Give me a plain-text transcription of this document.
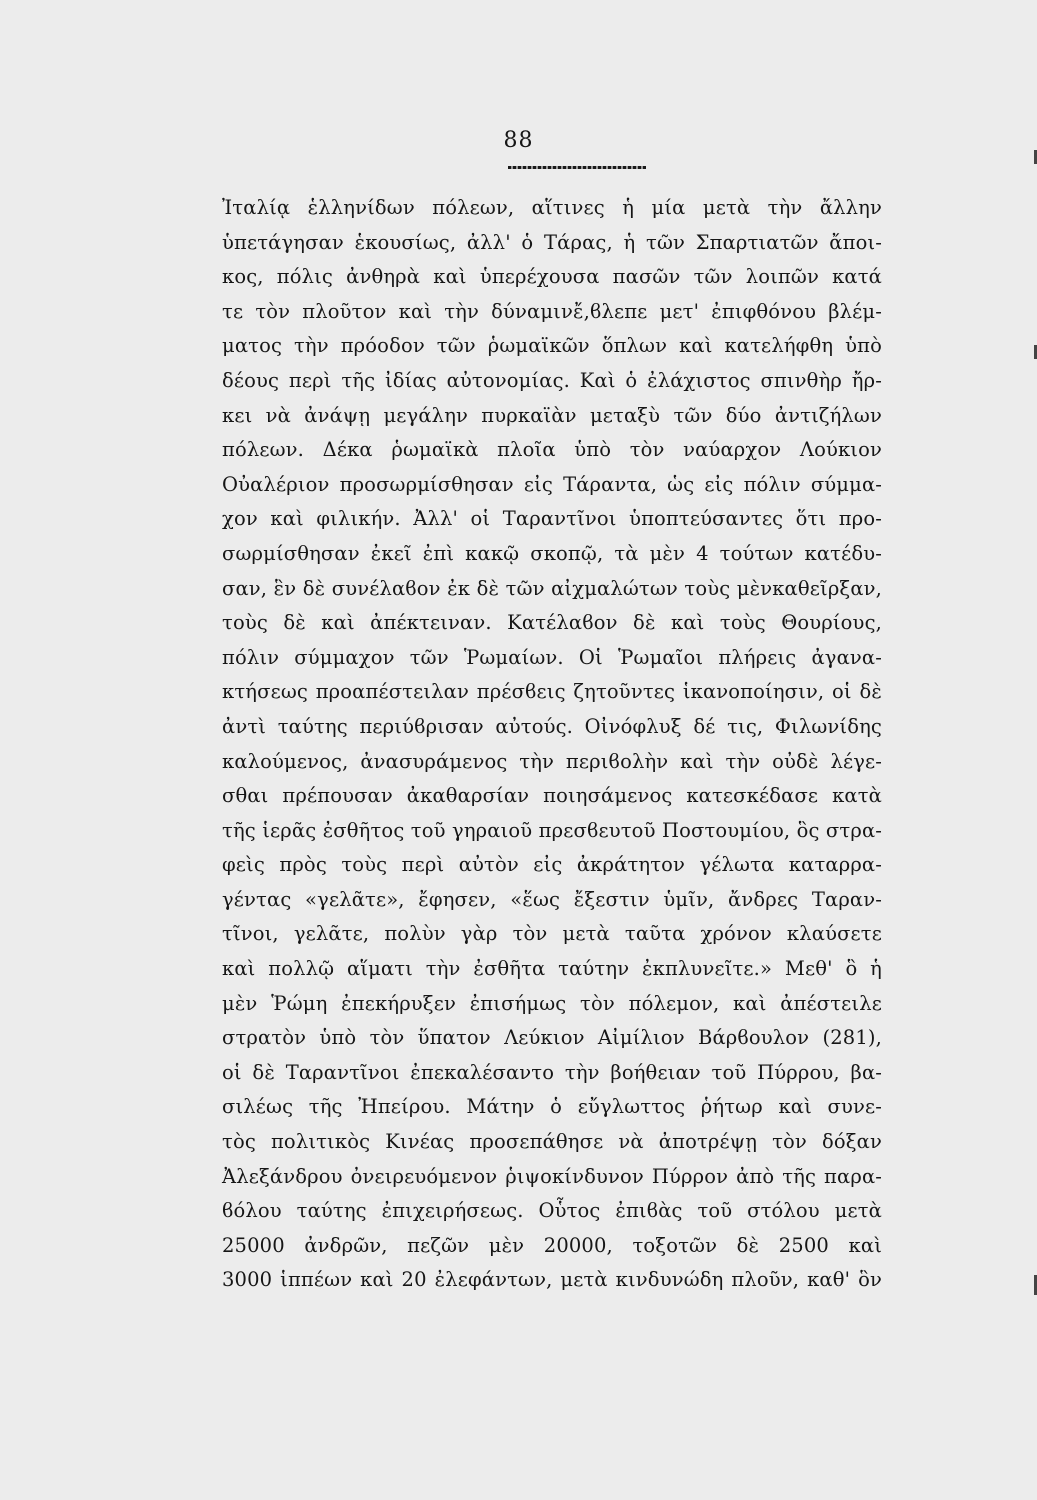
88
Ἰταλίᾳ ἑλληνίδων πόλεων, αἵτινες ἡ μία μετὰ τὴν ἄλλην
ὑπετάγησαν ἑκουσίως, ἀλλ' ὁ Τάρας, ἡ τῶν Σπαρτιατῶν ἄποι-
κος, πόλις ἀνθηρὰ καὶ ὑπερέχουσα πασῶν τῶν λοιπῶν κατά
τε τὸν πλοῦτον καὶ τὴν δύναμινἔ,ϐλεπε μετ' ἐπιφθόνου βλέμ-
ματος τὴν πρόοδον τῶν ῥωμαϊκῶν ὅπλων καὶ κατελήφθη ὑπὸ
δέους περὶ τῆς ἰδίας αὐτονομίας. Καὶ ὁ ἐλάχιστος σπινθὴρ ἤρ-
κει νὰ ἀνάψῃ μεγάλην πυρκαϊὰν μεταξὺ τῶν δύο ἀντιζήλων
πόλεων. Δέκα ῥωμαϊκὰ πλοῖα ὑπὸ τὸν ναύαρχον Λούκιον
Οὐαλέριον προσωρμίσθησαν εἰς Τάραντα, ὡς εἰς πόλιν σύμμα-
χον καὶ φιλικήν. Ἀλλ' οἱ Ταραντῖνοι ὑποπτεύσαντες ὅτι προ-
σωρμίσθησαν ἐκεῖ ἐπὶ κακῷ σκοπῷ, τὰ μὲν 4 τούτων κατέδυ-
σαν, ἓν δὲ συνέλαϐον ἐκ δὲ τῶν αἰχμαλώτων τοὺς μὲνκαθεῖρξαν,
τοὺς δὲ καὶ ἀπέκτειναν. Κατέλαϐον δὲ καὶ τοὺς Θουρίους,
πόλιν σύμμαχον τῶν Ῥωμαίων. Οἱ Ῥωμαῖοι πλήρεις ἀγανα-
κτήσεως προαπέστειλαν πρέσϐεις ζητοῦντες ἱκανοποίησιν, οἱ δὲ
ἀντὶ ταύτης περιύϐρισαν αὐτούς. Οἰνόφλυξ δέ τις, Φιλωνίδης
καλούμενος, ἀνασυράμενος τὴν περιϐολὴν καὶ τὴν οὐδὲ λέγε-
σθαι πρέπουσαν ἀκαθαρσίαν ποιησάμενος κατεσκέδασε κατὰ
τῆς ἱερᾶς ἐσθῆτος τοῦ γηραιοῦ πρεσϐευτοῦ Ποστουμίου, ὃς στρα-
φεὶς πρὸς τοὺς περὶ αὐτὸν εἰς ἀκράτητον γέλωτα καταρρα-
γέντας «γελᾶτε», ἔφησεν, «ἕως ἔξεστιν ὑμῖν, ἄνδρες Ταραν-
τῖνοι, γελᾶτε, πολὺν γὰρ τὸν μετὰ ταῦτα χρόνον κλαύσετε
καὶ πολλῷ αἵματι τὴν ἐσθῆτα ταύτην ἐκπλυνεῖτε.» Μεθ' ὃ ἡ
μὲν Ῥώμη ἐπεκήρυξεν ἐπισήμως τὸν πόλεμον, καὶ ἀπέστειλε
στρατὸν ὑπὸ τὸν ὕπατον Λεύκιον Αἰμίλιον Βάρϐουλον (281),
οἱ δὲ Ταραντῖνοι ἐπεκαλέσαντο τὴν βοήθειαν τοῦ Πύρρου, βα-
σιλέως τῆς Ἠπείρου. Μάτην ὁ εὔγλωττος ῥήτωρ καὶ συνε-
τὸς πολιτικὸς Κινέας προσεπάθησε νὰ ἀποτρέψῃ τὸν δόξαν
Ἀλεξάνδρου ὀνειρευόμενον ῥιψοκίνδυνον Πύρρον ἀπὸ τῆς παρα-
ϐόλου ταύτης ἐπιχειρήσεως. Οὗτος ἐπιϐὰς τοῦ στόλου μετὰ
25000 ἀνδρῶν, πεζῶν μὲν 20000, τοξοτῶν δὲ 2500 καὶ
3000 ἱππέων καὶ 20 ἐλεφάντων, μετὰ κινδυνώδη πλοῦν, καθ' ὃν
